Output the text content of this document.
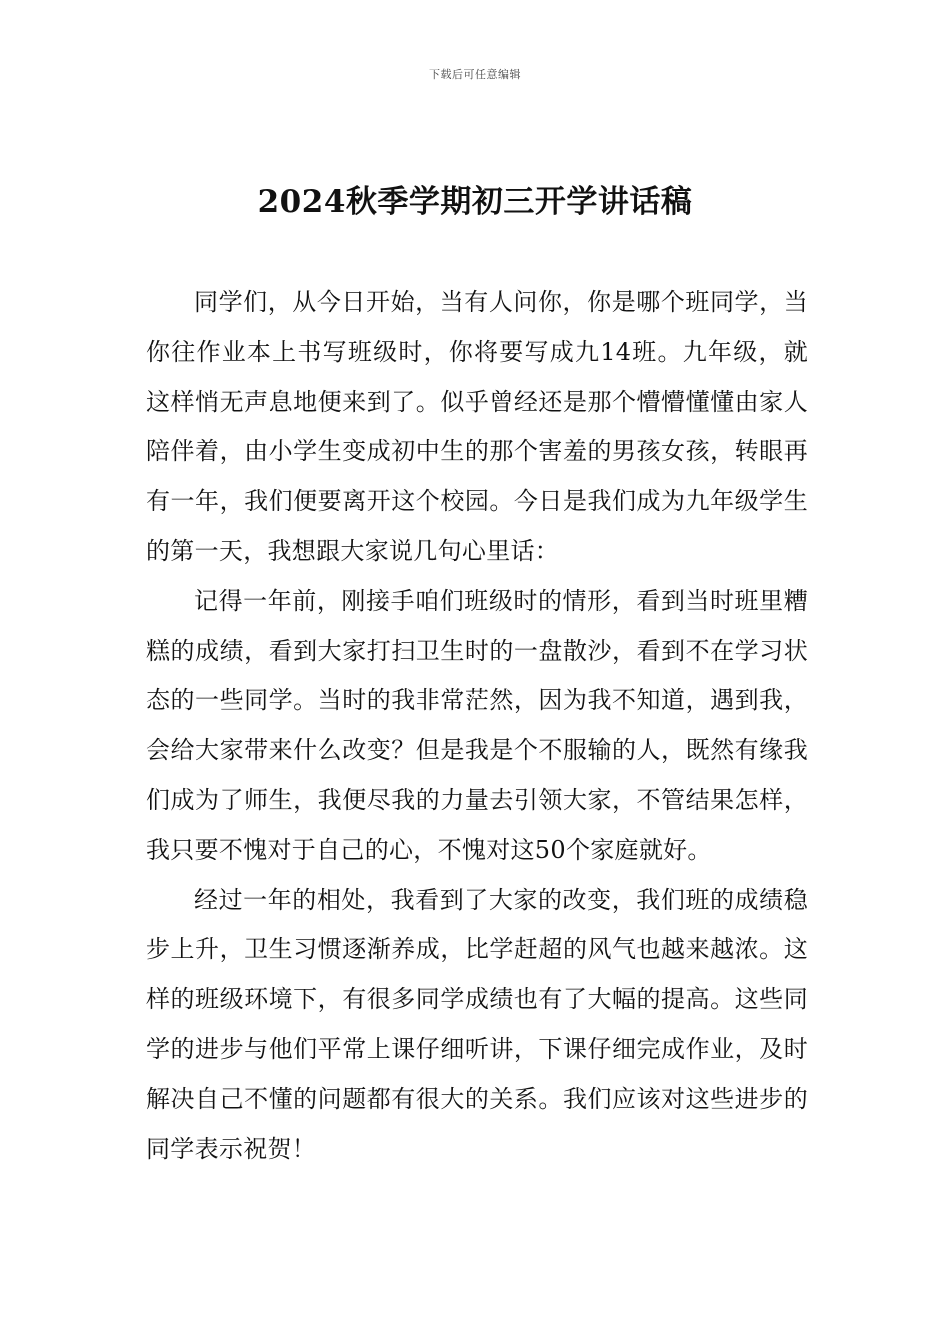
下载后可任意编辑
2024秋季学期初三开学讲话稿

同学们，从今日开始，当有人问你，你是哪个班同学，当你往作业本上书写班级时，你将要写成九14班。九年级，就这样悄无声息地便来到了。似乎曾经还是那个懵懵懂懂由家人陪伴着，由小学生变成初中生的那个害羞的男孩女孩，转眼再有一年，我们便要离开这个校园。今日是我们成为九年级学生的第一天，我想跟大家说几句心里话：

记得一年前，刚接手咱们班级时的情形，看到当时班里糟糕的成绩，看到大家打扫卫生时的一盘散沙，看到不在学习状态的一些同学。当时的我非常茫然，因为我不知道，遇到我，会给大家带来什么改变？但是我是个不服输的人，既然有缘我们成为了师生，我便尽我的力量去引领大家，不管结果怎样，我只要不愧对于自己的心，不愧对这50个家庭就好。

经过一年的相处，我看到了大家的改变，我们班的成绩稳步上升，卫生习惯逐渐养成，比学赶超的风气也越来越浓。这样的班级环境下，有很多同学成绩也有了大幅的提高。这些同学的进步与他们平常上课仔细听讲，下课仔细完成作业，及时解决自己不懂的问题都有很大的关系。我们应该对这些进步的同学表示祝贺！
